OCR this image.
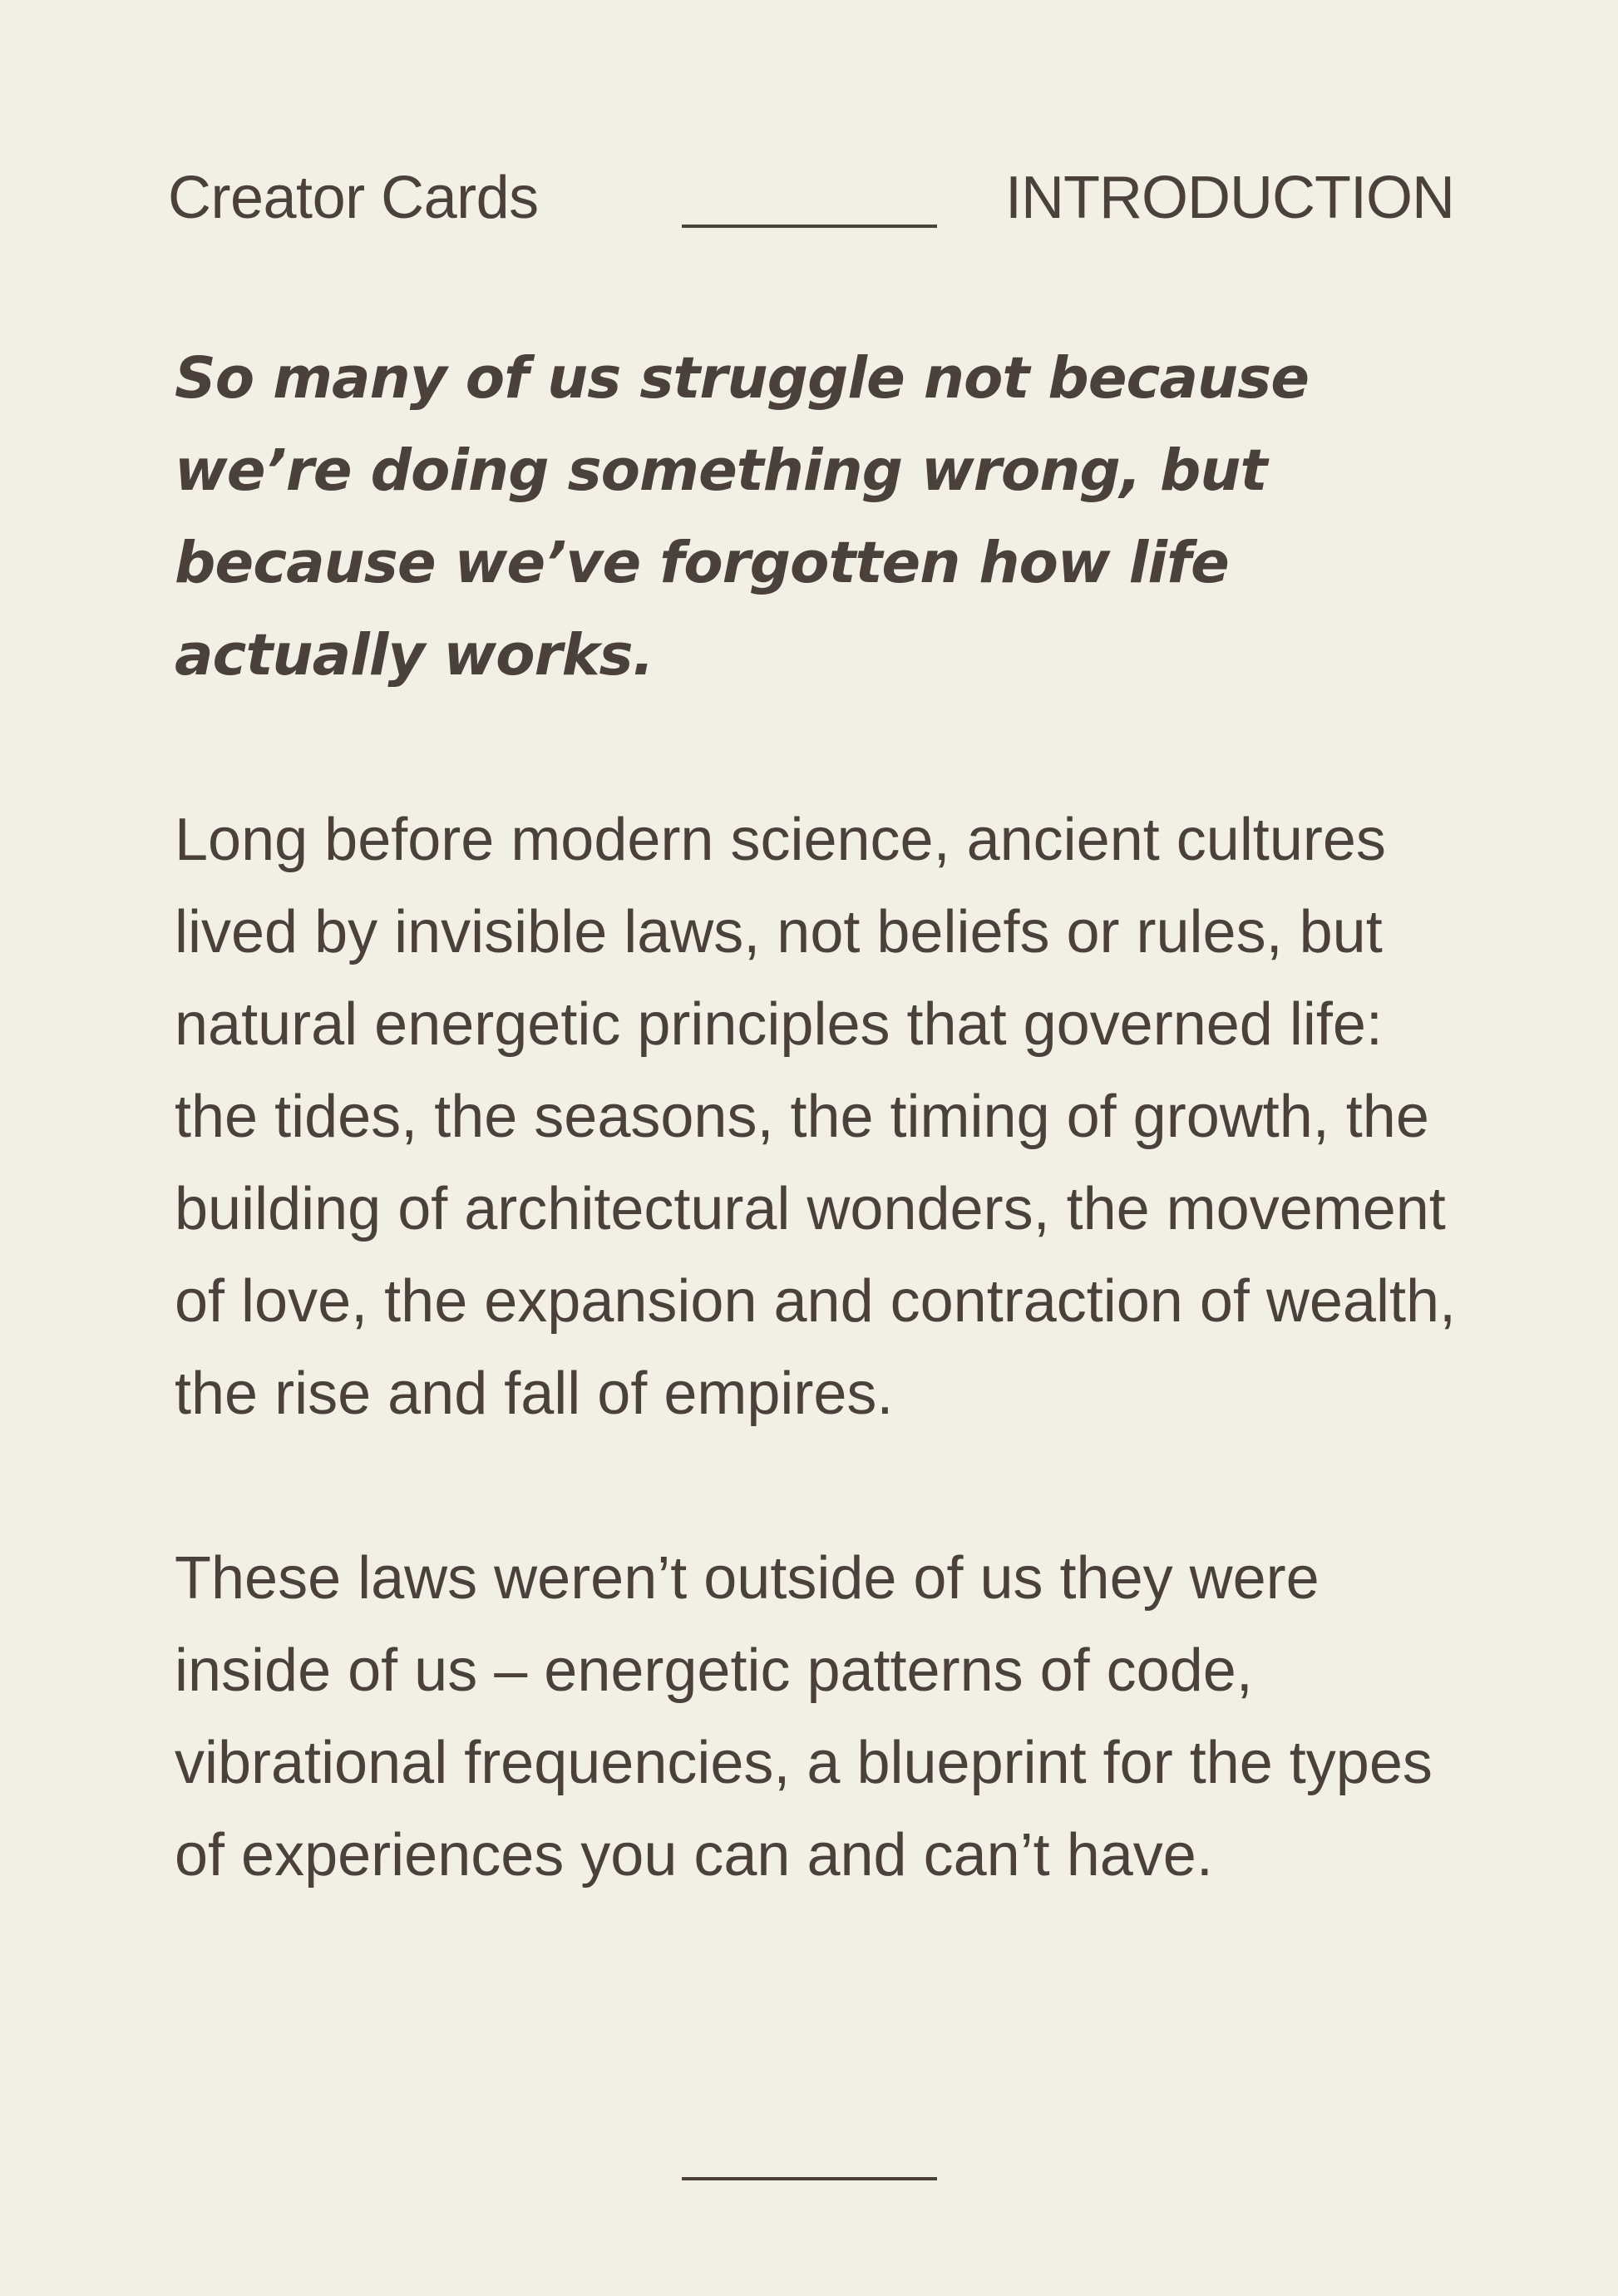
Creator Cards	INTRODUCTION

So many of us struggle not because we’re doing something wrong, but because we’ve forgotten how life actually works.

Long before modern science, ancient cultures lived by invisible laws, not beliefs or rules, but natural energetic principles that governed life: the tides, the seasons, the timing of growth, the building of architectural wonders, the movement of love, the expansion and contraction of wealth, the rise and fall of empires.

These laws weren’t outside of us they were inside of us – energetic patterns of code, vibrational frequencies, a blueprint for the types of experiences you can and can’t have.
